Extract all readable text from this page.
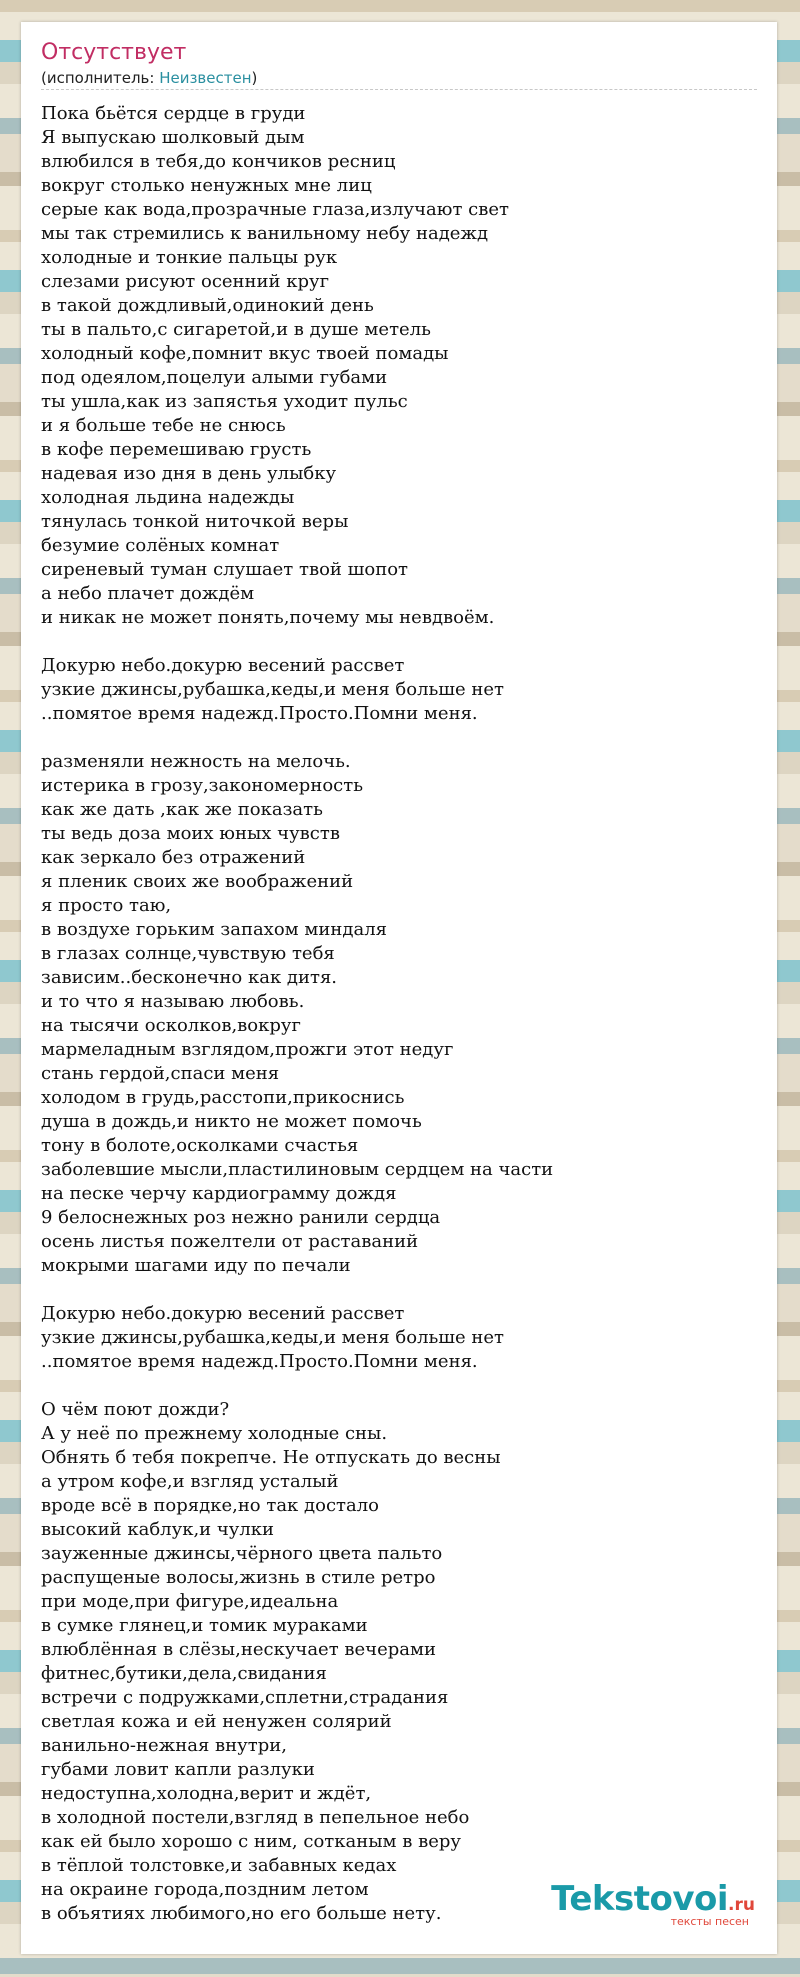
Отсутствует
(исполнитель: Неизвестен)
Пока бьётся сердце в груди
Я выпускаю шолковый дым
влюбился в тебя,до кончиков ресниц
вокруг столько ненужных мне лиц
серые как вода,прозрачные глаза,излучают свет
мы так стремились к ванильному небу надежд
холодные и тонкие пальцы рук
слезами рисуют осенний круг
в такой дождливый,одинокий день
ты в пальто,с сигаретой,и в душе метель
холодный кофе,помнит вкус твоей помады
под одеялом,поцелуи алыми губами
ты ушла,как из запястья уходит пульс
и я больше тебе не снюсь
в кофе перемешиваю грусть
надевая изо дня в день улыбку
холодная льдина надежды
тянулась тонкой ниточкой веры
безумие солёных комнат
сиреневый туман слушает твой шопот
а небо плачет дождём
и никак не может понять,почему мы невдвоём.

Докурю небо.докурю весений рассвет
узкие джинсы,рубашка,кеды,и меня больше нет
..помятое время надежд.Просто.Помни меня.

разменяли нежность на мелочь.
истерика в грозу,закономерность
как же дать ,как же показать
ты ведь доза моих юных чувств
как зеркало без отражений
я пленик своих же воображений
я просто таю,
в воздухе горьким запахом миндаля
в глазах солнце,чувствую тебя
зависим..бесконечно как дитя.
и то что я называю любовь.
на тысячи осколков,вокруг
мармеладным взглядом,прожги этот недуг
стань гердой,спаси меня
холодом в грудь,расстопи,прикоснись
душа в дождь,и никто не может помочь
тону в болоте,осколками счастья
заболевшие мысли,пластилиновым сердцем на части
на песке черчу кардиограмму дождя
9 белоснежных роз нежно ранили сердца
осень листья пожелтели от раставаний
мокрыми шагами иду по печали

Докурю небо.докурю весений рассвет
узкие джинсы,рубашка,кеды,и меня больше нет
..помятое время надежд.Просто.Помни меня.

О чём поют дожди?
А у неё по прежнему холодные сны.
Обнять б тебя покрепче. Не отпускать до весны
а утром кофе,и взгляд усталый
вроде всё в порядке,но так достало
высокий каблук,и чулки
зауженные джинсы,чёрного цвета пальто
распущеные волосы,жизнь в стиле ретро
при моде,при фигуре,идеальна
в сумке глянец,и томик мураками
влюблённая в слёзы,нескучает вечерами
фитнес,бутики,дела,свидания
встречи с подружками,сплетни,страдания
светлая кожа и ей ненужен солярий
ванильно-нежная внутри,
губами ловит капли разлуки
недоступна,холодна,верит и ждёт,
в холодной постели,взгляд в пепельное небо
как ей было хорошо с ним, сотканым в веру
в тёплой толстовке,и забавных кедах
на окраине города,поздним летом
в объятиях любимого,но его больше нету.	Tekstovoi.ru
тексты песен
